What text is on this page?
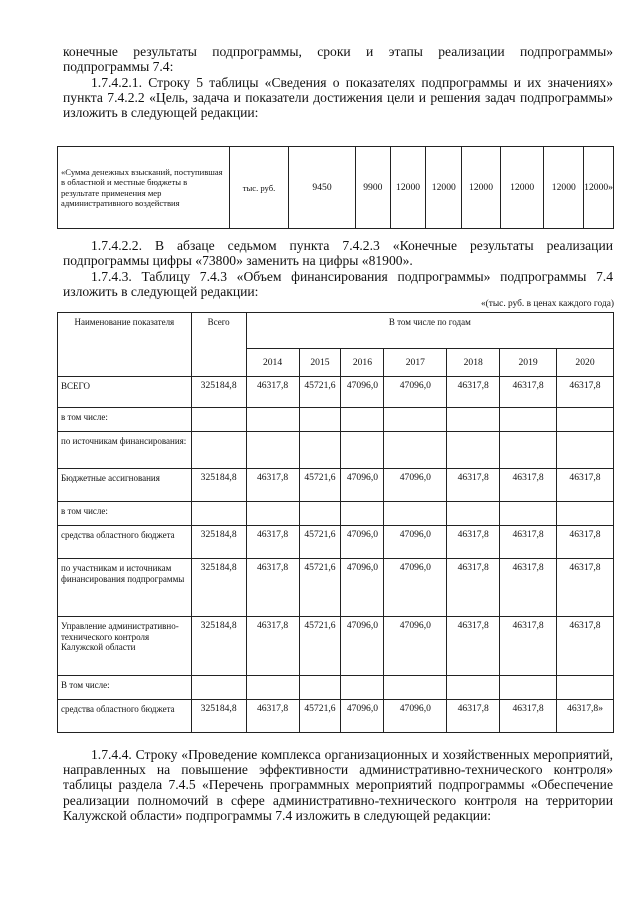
конечные результаты подпрограммы, сроки и этапы реализации подпрограммы» подпрограммы 7.4:

1.7.4.2.1. Строку 5 таблицы «Сведения о показателях подпрограммы и их значениях» пункта 7.4.2.2 «Цель, задача и показатели достижения цели и решения задач подпрограммы» изложить в следующей редакции:

«Сумма денежных взысканий, поступившая в областной и местные бюджеты в результате применения мер административного воздействия	тыс. руб.	9450	9900	12000	12000	12000	12000	12000	12000»

1.7.4.2.2. В абзаце седьмом пункта 7.4.2.3 «Конечные результаты реализации подпрограммы цифры «73800» заменить на цифры «81900».

1.7.4.3. Таблицу 7.4.3 «Объем финансирования подпрограммы» подпрограммы 7.4 изложить в следующей редакции:

«(тыс. руб. в ценах каждого года)
Наименование показателя	Всего	В том числе по годам						
		2014	2015	2016	2017	2018	2019	2020
ВСЕГО	325184,8	46317,8	45721,6	47096,0	47096,0	46317,8	46317,8	46317,8
в том числе:								
по источникам финансирования:								
Бюджетные ассигнования	325184,8	46317,8	45721,6	47096,0	47096,0	46317,8	46317,8	46317,8
в том числе:								
средства областного бюджета	325184,8	46317,8	45721,6	47096,0	47096,0	46317,8	46317,8	46317,8
по участникам и источникам финансирования подпрограммы	325184,8	46317,8	45721,6	47096,0	47096,0	46317,8	46317,8	46317,8
Управление административно-технического контроля Калужской области	325184,8	46317,8	45721,6	47096,0	47096,0	46317,8	46317,8	46317,8
В том числе:								
средства областного бюджета	325184,8	46317,8	45721,6	47096,0	47096,0	46317,8	46317,8	46317,8»

1.7.4.4. Строку «Проведение комплекса организационных и хозяйственных мероприятий, направленных на повышение эффективности административно-технического контроля» таблицы раздела 7.4.5 «Перечень программных мероприятий подпрограммы «Обеспечение реализации полномочий в сфере административно-технического контроля на территории Калужской области» подпрограммы 7.4 изложить в следующей редакции:
